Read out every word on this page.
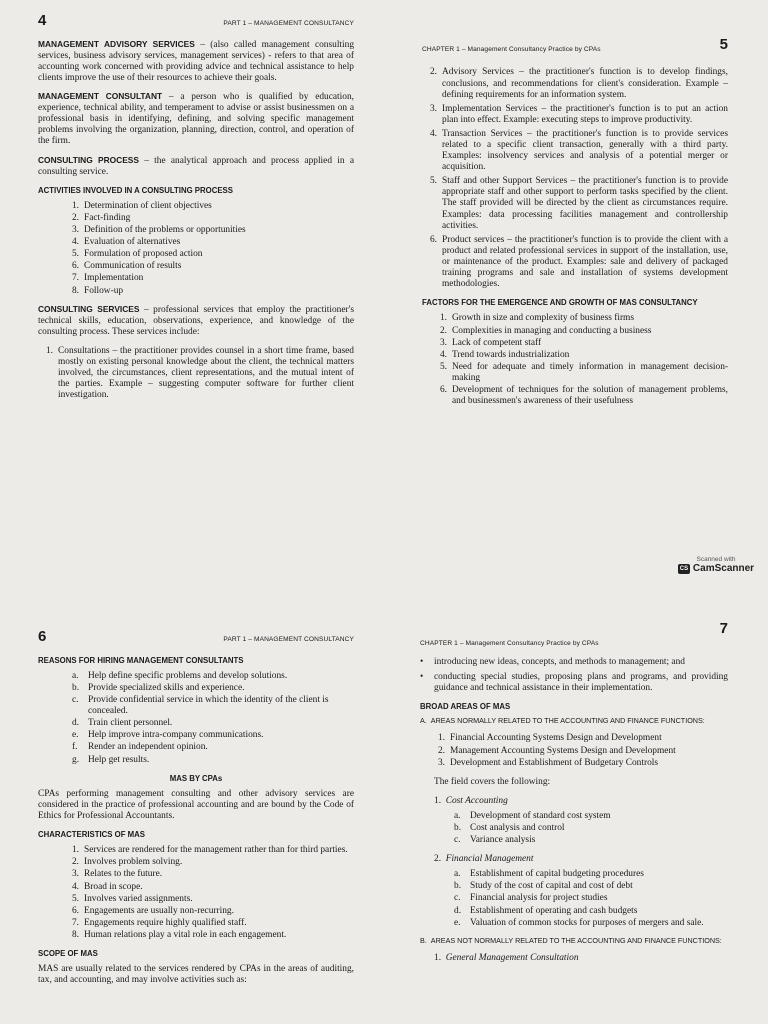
4	PART 1 – MANAGEMENT CONSULTANCY

MANAGEMENT ADVISORY SERVICES – (also called management consulting services, business advisory services, management services) - refers to that area of accounting work concerned with providing advice and technical assistance to help clients improve the use of their resources to achieve their goals.

MANAGEMENT CONSULTANT – a person who is qualified by education, experience, technical ability, and temperament to advise or assist businessmen on a professional basis in identifying, defining, and solving specific management problems involving the organization, planning, direction, control, and operation of the firm.

CONSULTING PROCESS – the analytical approach and process applied in a consulting service.

ACTIVITIES INVOLVED IN A CONSULTING PROCESS
1. Determination of client objectives
2. Fact-finding
3. Definition of the problems or opportunities
4. Evaluation of alternatives
5. Formulation of proposed action
6. Communication of results
7. Implementation
8. Follow-up

CONSULTING SERVICES – professional services that employ the practitioner's technical skills, education, observations, experience, and knowledge of the consulting process. These services include:

1. Consultations – the practitioner provides counsel in a short time frame, based mostly on existing personal knowledge about the client, the technical matters involved, the circumstances, client representations, and the mutual intent of the parties. Example – suggesting computer software for further client investigation.
5
CHAPTER 1 – Management Consultancy Practice by CPAs
2. Advisory Services – the practitioner's function is to develop findings, conclusions, and recommendations for client's consideration. Example – defining requirements for an information system.
3. Implementation Services – the practitioner's function is to put an action plan into effect. Example: executing steps to improve productivity.
4. Transaction Services – the practitioner's function is to provide services related to a specific client transaction, generally with a third party. Examples: insolvency services and analysis of a potential merger or acquisition.
5. Staff and other Support Services – the practitioner's function is to provide appropriate staff and other support to perform tasks specified by the client. The staff provided will be directed by the client as circumstances require. Examples: data processing facilities management and controllership activities.
6. Product services – the practitioner's function is to provide the client with a product and related professional services in support of the installation, use, or maintenance of the product. Examples: sale and delivery of packaged training programs and sale and installation of systems development methodologies.
FACTORS FOR THE EMERGENCE AND GROWTH OF MAS CONSULTANCY
1. Growth in size and complexity of business firms
2. Complexities in managing and conducting a business
3. Lack of competent staff
4. Trend towards industrialization
5. Need for adequate and timely information in management decision-making
6. Development of techniques for the solution of management problems, and businessmen's awareness of their usefulness
6	PART 1 – MANAGEMENT CONSULTANCY
REASONS FOR HIRING MANAGEMENT CONSULTANTS
a.	Help define specific problems and develop solutions.
b. Provide specialized skills and experience.
c.	Provide confidential service in which the identity of the client is concealed.
d. Train client personnel.
e.	Help improve intra-company communications.
f.	Render an independent opinion.
g. Help get results.
MAS BY CPAs

CPAs performing management consulting and other advisory services are considered in the practice of professional accounting and are bound by the Code of Ethics for Professional Accountants.

CHARACTERISTICS OF MAS
1. Services are rendered for the management rather than for third parties.
2. Involves problem solving.
3. Relates to the future.
4. Broad in scope.
5. Involves varied assignments.
6. Engagements are usually non-recurring.
7. Engagements require highly qualified staff.
8. Human relations play a vital role in each engagement.
SCOPE OF MAS

MAS are usually related to the services rendered by CPAs in the areas of auditing, tax, and accounting, and may involve activities such as:

7
CHAPTER 1 – Management Consultancy Practice by CPAs
•	introducing new ideas, concepts, and methods to management; and
•	conducting special studies, proposing plans and programs, and providing guidance and technical assistance in their implementation.
BROAD AREAS OF MAS
A. AREAS NORMALLY RELATED TO THE ACCOUNTING AND FINANCE FUNCTIONS:
1. Financial Accounting Systems Design and Development
2. Management Accounting Systems Design and Development
3. Development and Establishment of Budgetary Controls

The field covers the following:

1. Cost Accounting
a.	Development of standard cost system
b. Cost analysis and control
c.	Variance analysis
2. Financial Management
a.	Establishment of capital budgeting procedures
b. Study of the cost of capital and cost of debt
c.	Financial analysis for project studies
d. Establishment of operating and cash budgets
e.	Valuation of common stocks for purposes of mergers and sale.
B. AREAS NOT NORMALLY RELATED TO THE ACCOUNTING AND FINANCE FUNCTIONS:
1. General Management Consultation
Scanned with
CS CamScanner
